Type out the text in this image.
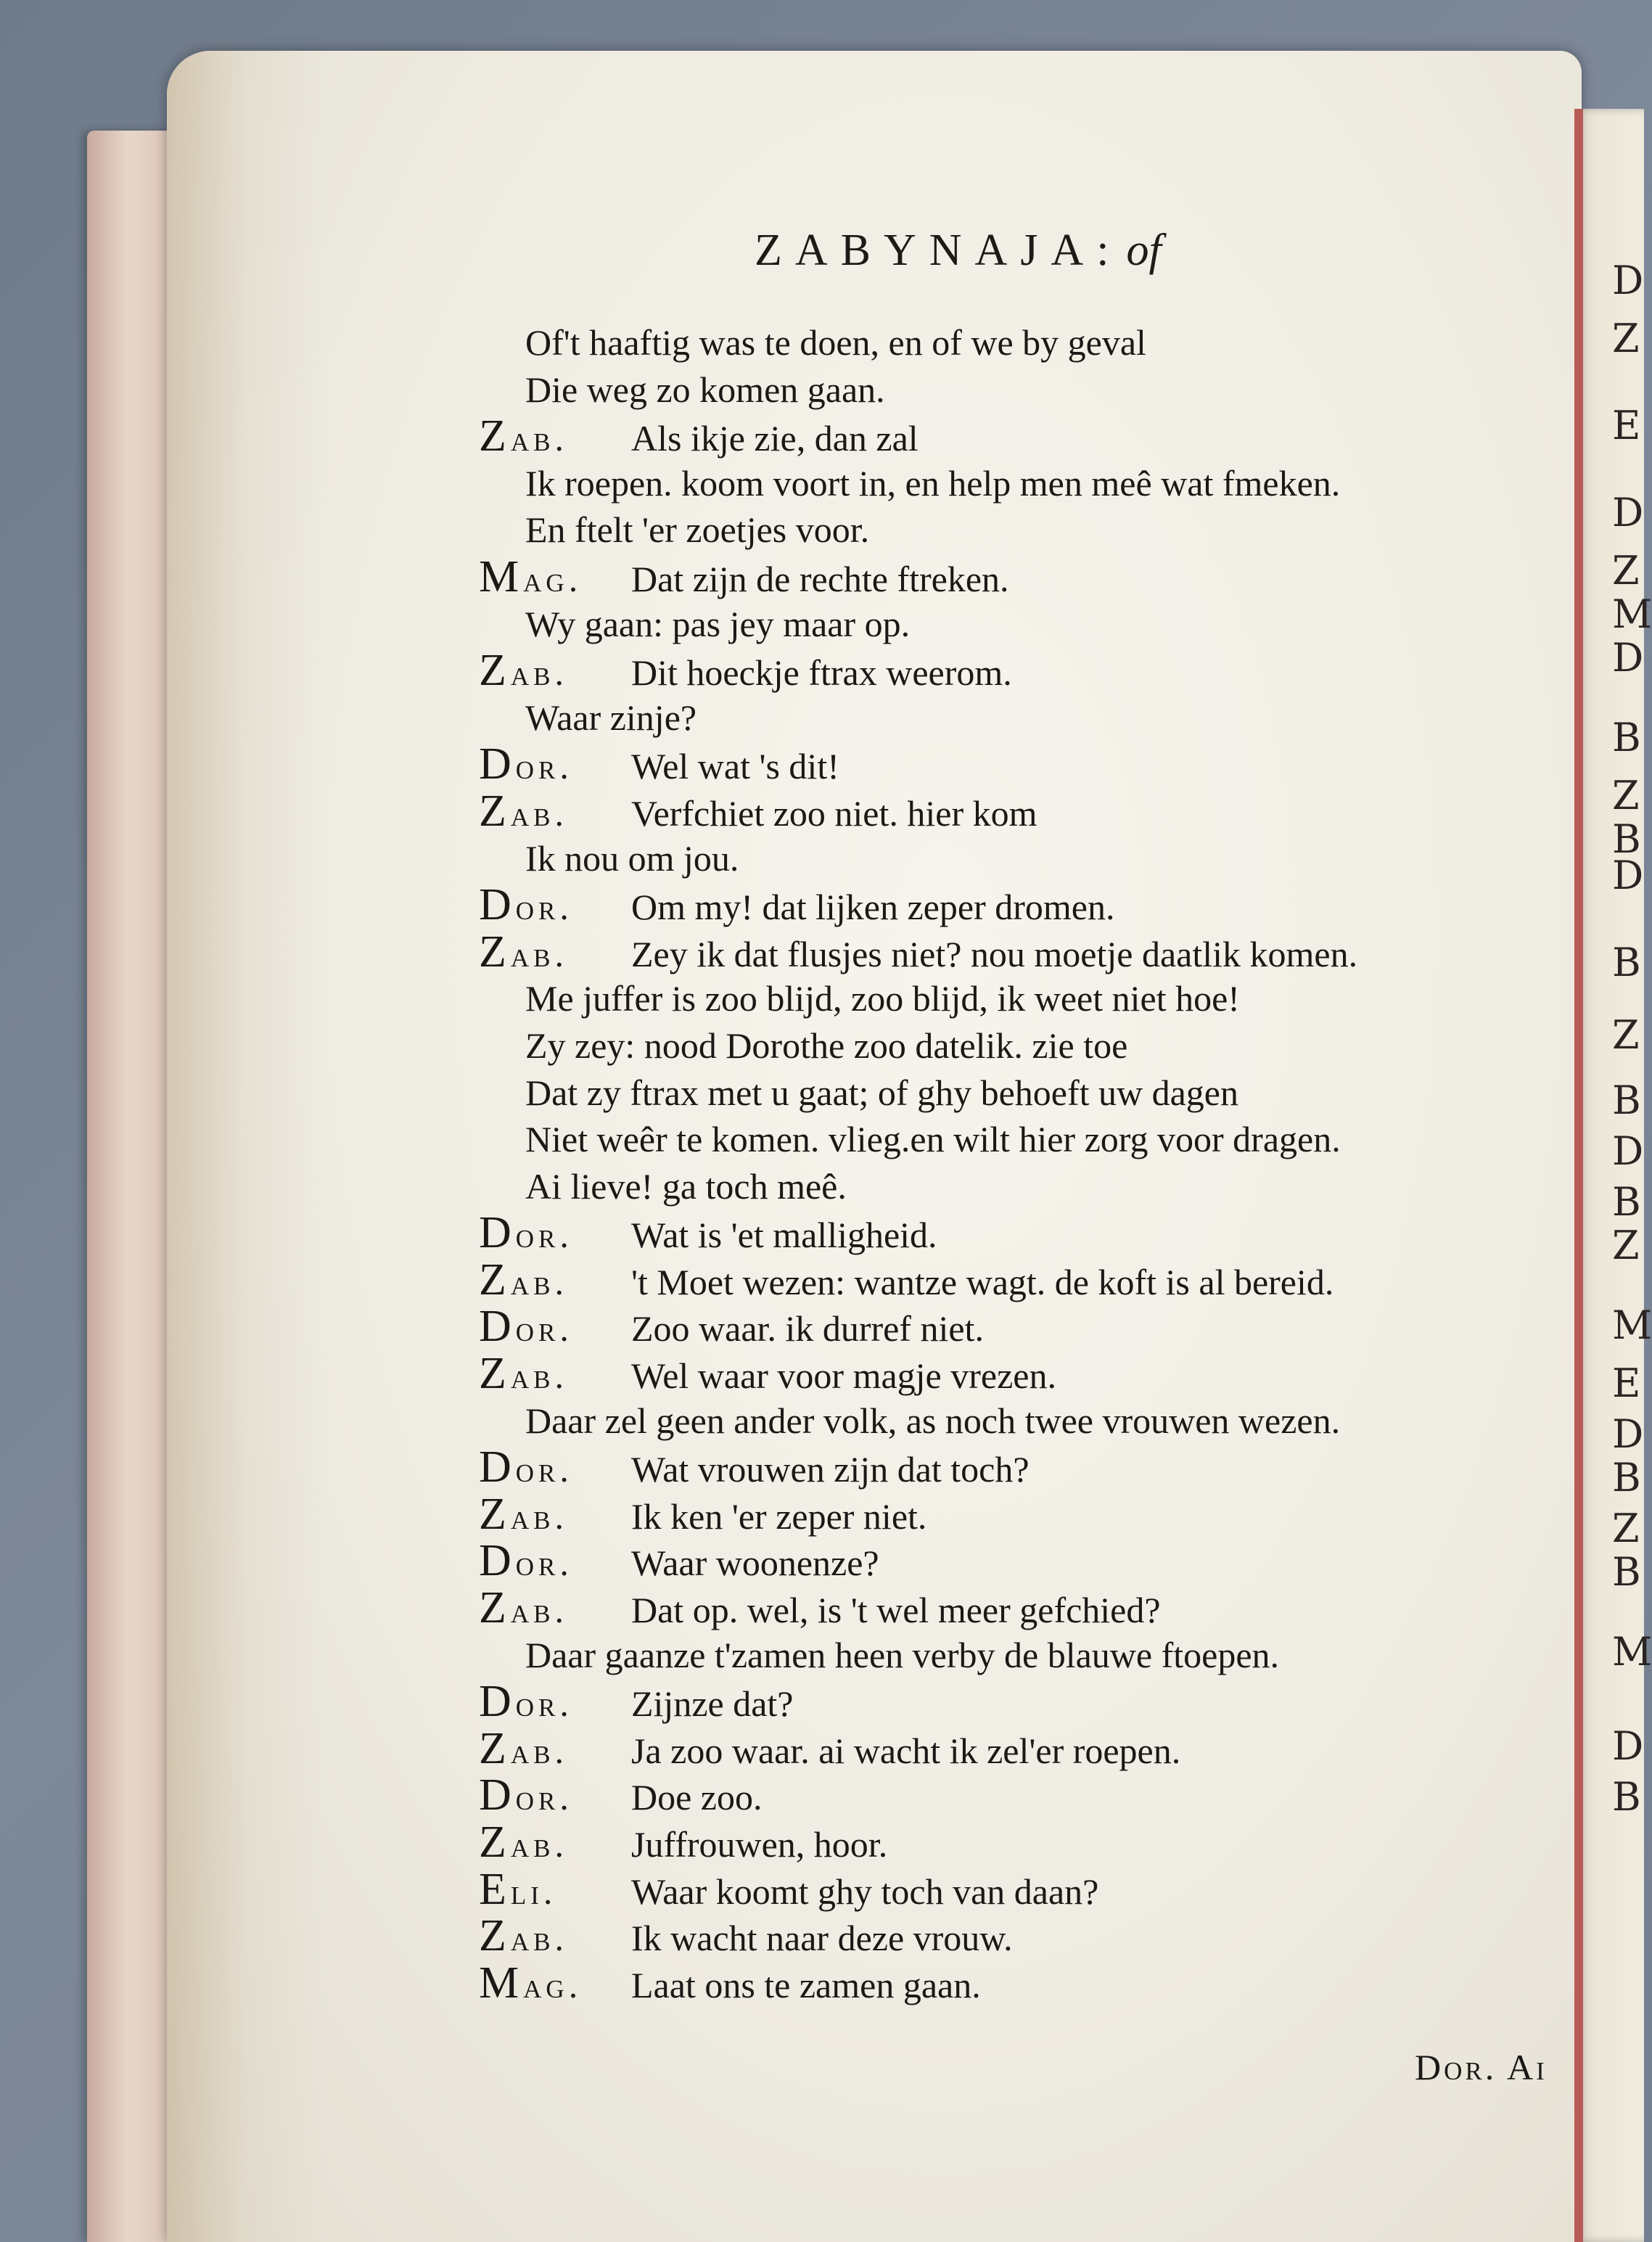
D
Z
E
D
Z
M
D
B
Z
B
D
B
Z
B
D
B
Z
M
E
D
B
Z
B
M
D
B
ZABYNAJA:of
Of't haaftig was te doen, en of we by geval
Die weg zo komen gaan.
Zab. Als ikje zie, dan zal
Ik roepen. koom voort in, en help men meê wat fmeken.
En ftelt 'er zoetjes voor.
Mag. Dat zijn de rechte ftreken.
Wy gaan: pas jey maar op.
Zab. Dit hoeckje ftrax weerom.
Waar zinje?
Dor. Wel wat 's dit!
Zab. Verfchiet zoo niet. hier kom
Ik nou om jou.
Dor. Om my! dat lijken zeper dromen.
Zab. Zey ik dat flusjes niet? nou moetje daatlik komen.
Me juffer is zoo blijd, zoo blijd, ik weet niet hoe!
Zy zey: nood Dorothe zoo datelik. zie toe
Dat zy ftrax met u gaat; of ghy behoeft uw dagen
Niet weêr te komen. vlieg.en wilt hier zorg voor dragen.
Ai lieve! ga toch meê.
Dor. Wat is 'et malligheid.
Zab. 't Moet wezen: wantze wagt. de koft is al bereid.
Dor. Zoo waar. ik durref niet.
Zab. Wel waar voor magje vrezen.
Daar zel geen ander volk, as noch twee vrouwen wezen.
Dor. Wat vrouwen zijn dat toch?
Zab. Ik ken 'er zeper niet.
Dor. Waar woonenze?
Zab. Dat op. wel, is 't wel meer gefchied?
Daar gaanze t'zamen heen verby de blauwe ftoepen.
Dor. Zijnze dat?
Zab. Ja zoo waar. ai wacht ik zel'er roepen.
Dor. Doe zoo.
Zab. Juffrouwen, hoor.
Eli. Waar koomt ghy toch van daan?
Zab. Ik wacht naar deze vrouw.
Mag. Laat ons te zamen gaan.
Dor. Ai
